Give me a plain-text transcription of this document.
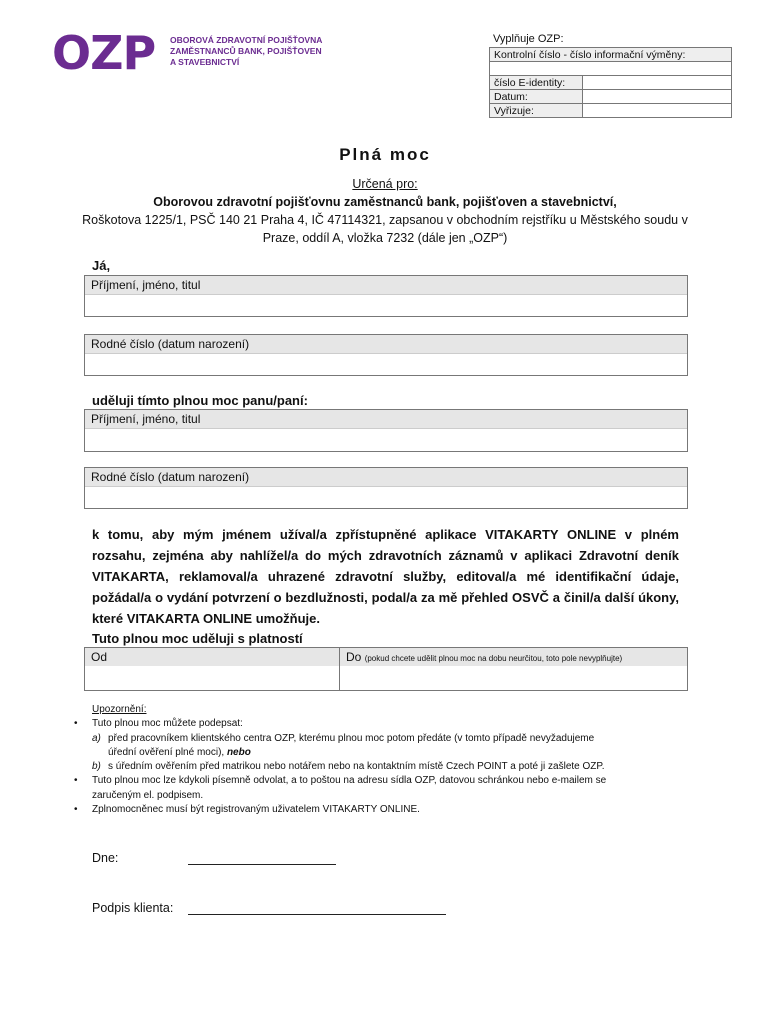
OZP OBOROVÁ ZDRAVOTNÍ POJIŠŤOVNA
ZAMĚSTNANCŮ BANK, POJIŠŤOVEN
A STAVEBNICTVÍ
Vyplňuje OZP:
Kontrolní číslo - číslo informační výměny:	

číslo E-identity:	
Datum:	
Vyřizuje:	
Plná moc
Určená pro:
Oborovou zdravotní pojišťovnu zaměstnanců bank, pojišťoven a stavebnictví,
Roškotova 1225/1, PSČ 140 21 Praha 4, IČ 47114321, zapsanou v obchodním rejstříku u Městského soudu v Praze, oddíl A, vložka 7232 (dále jen „OZP“)
Já,
Příjmení, jméno, titul
Rodné číslo (datum narození)
uděluji tímto plnou moc panu/paní:
Příjmení, jméno, titul
Rodné číslo (datum narození)
k tomu, aby mým jménem užíval/a zpřístupněné aplikace VITAKARTY ONLINE v plném rozsahu, zejména aby nahlížel/a do mých zdravotních záznamů v aplikaci Zdravotní deník VITAKARTA, reklamoval/a uhrazené zdravotní služby, editoval/a mé identifikační údaje, požádal/a o vydání potvrzení o bezdlužnosti, podal/a za mě přehled OSVČ a činil/a další úkony, které VITAKARTA ONLINE umožňuje.
Tuto plnou moc uděluji s platností
Od	Do (pokud chcete udělit plnou moc na dobu neurčitou, toto pole nevyplňujte)
Upozornění:
• Tuto plnou moc můžete podepsat:
a) před pracovníkem klientského centra OZP, kterému plnou moc potom předáte (v tomto případě nevyžadujeme
úřední ověření plné moci), nebo
b) s úředním ověřením před matrikou nebo notářem nebo na kontaktním místě Czech POINT a poté ji zašlete OZP.
• Tuto plnou moc lze kdykoli písemně odvolat, a to poštou na adresu sídla OZP, datovou schránkou nebo e-mailem se
zaručeným el. podpisem.
• Zplnomocněnec musí být registrovaným uživatelem VITAKARTY ONLINE.
Dne:
Podpis klienta:
